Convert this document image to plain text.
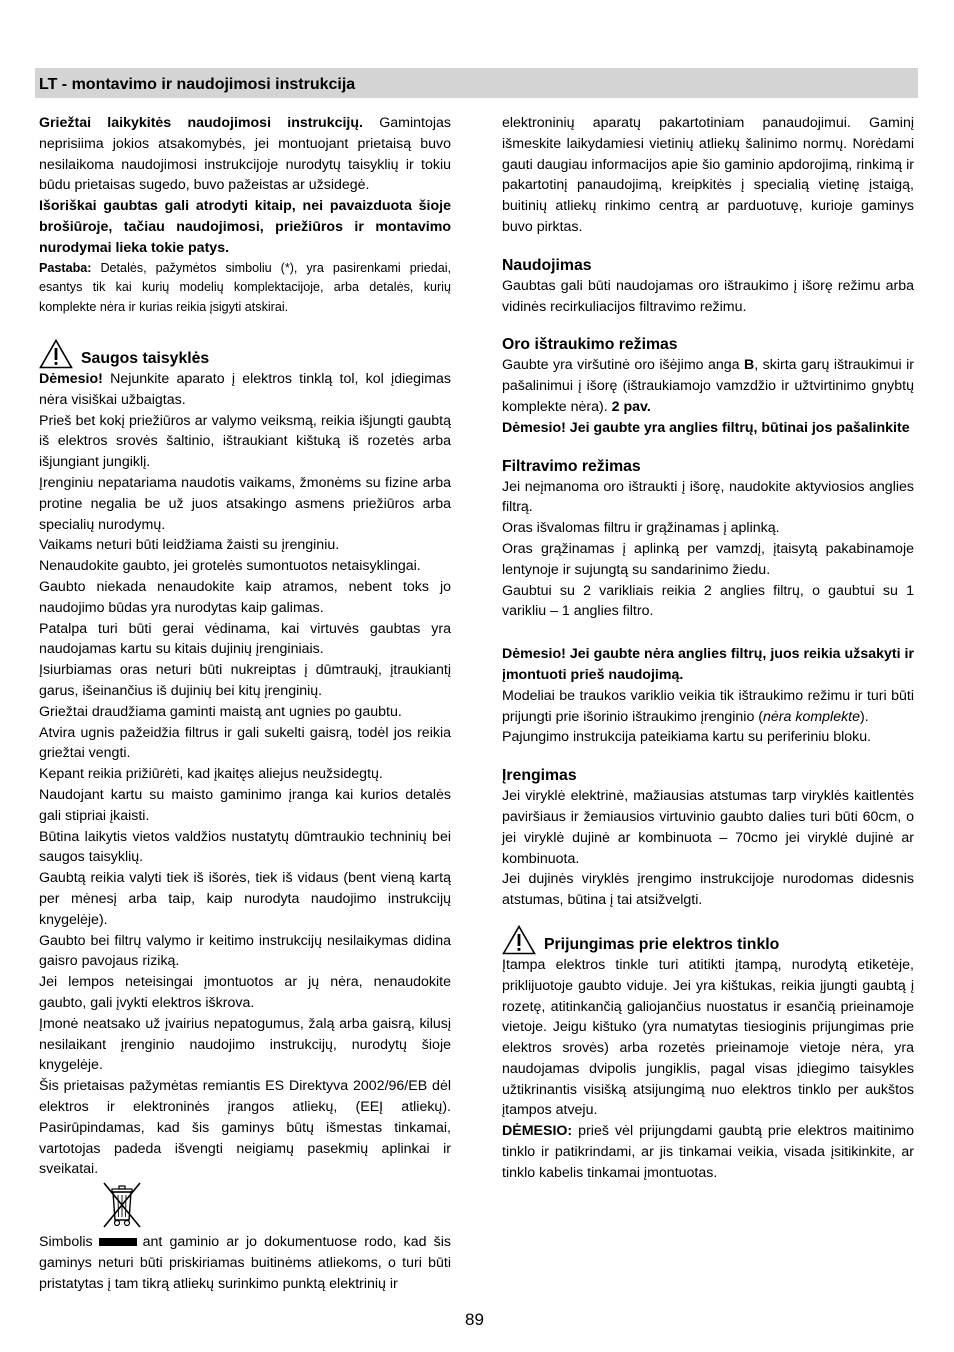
LT - montavimo ir naudojimosi instrukcija

Griežtai laikykitės naudojimosi instrukcijų. Gamintojas neprisiima jokios atsakomybės, jei montuojant prietaisą buvo nesilaikoma naudojimosi instrukcijoje nurodytų taisyklių ir tokiu būdu prietaisas sugedo, buvo pažeistas ar užsidegė.

Išoriškai gaubtas gali atrodyti kitaip, nei pavaizduota šioje brošiūroje, tačiau naudojimosi, priežiūros ir montavimo nurodymai lieka tokie patys.

Pastaba: Detalės, pažymėtos simboliu (*), yra pasirenkami priedai, esantys tik kai kurių modelių komplektacijoje, arba detalės, kurių komplekte nėra ir kurias reikia įsigyti atskirai.

Saugos taisyklės

Dėmesio! Nejunkite aparato į elektros tinklą tol, kol įdiegimas nėra visiškai užbaigtas.

Prieš bet kokį priežiūros ar valymo veiksmą, reikia išjungti gaubtą iš elektros srovės šaltinio, ištraukiant kištuką iš rozetės arba išjungiant jungiklį.

Įrenginiu nepatariama naudotis vaikams, žmonėms su fizine arba protine negalia be už juos atsakingo asmens priežiūros arba specialių nurodymų.

Vaikams neturi būti leidžiama žaisti su įrenginiu.

Nenaudokite gaubto, jei grotelės sumontuotos netaisyklingai.

Gaubto niekada nenaudokite kaip atramos, nebent toks jo naudojimo būdas yra nurodytas kaip galimas.

Patalpa turi būti gerai vėdinama, kai virtuvės gaubtas yra naudojamas kartu su kitais dujinių įrenginiais.

Įsiurbiamas oras neturi būti nukreiptas į dūmtraukį, įtraukiantį garus, išeinančius iš dujinių bei kitų įrenginių.

Griežtai draudžiama gaminti maistą ant ugnies po gaubtu.

Atvira ugnis pažeidžia filtrus ir gali sukelti gaisrą, todėl jos reikia griežtai vengti.

Kepant reikia prižiūrėti, kad įkaitęs aliejus neužsidegtų.

Naudojant kartu su maisto gaminimo įranga kai kurios detalės gali stipriai įkaisti.

Būtina laikytis vietos valdžios nustatytų dūmtraukio techninių bei saugos taisyklių.

Gaubtą reikia valyti tiek iš išorės, tiek iš vidaus (bent vieną kartą per mėnesį arba taip, kaip nurodyta naudojimo instrukcijų knygelėje).

Gaubto bei filtrų valymo ir keitimo instrukcijų nesilaikymas didina gaisro pavojaus riziką.

Jei lempos neteisingai įmontuotos ar jų nėra, nenaudokite gaubto, gali įvykti elektros iškrova.

Įmonė neatsako už įvairius nepatogumus, žalą arba gaisrą, kilusį nesilaikant įrenginio naudojimo instrukcijų, nurodytų šioje knygelėje.

Šis prietaisas pažymėtas remiantis ES Direktyva 2002/96/EB dėl elektros ir elektroninės įrangos atliekų, (EEĮ atliekų). Pasirūpindamas, kad šis gaminys būtų išmestas tinkamai, vartotojas padeda išvengti neigiamų pasekmių aplinkai ir sveikatai.

Simbolis	ant gaminio ar jo dokumentuose rodo, kad šis gaminys neturi būti priskiriamas buitinėms atliekoms, o turi būti pristatytas į tam tikrą atliekų surinkimo punktą elektrinių ir

elektroninių aparatų pakartotiniam panaudojimui. Gaminį išmeskite laikydamiesi vietinių atliekų šalinimo normų. Norėdami gauti daugiau informacijos apie šio gaminio apdorojimą, rinkimą ir pakartotinį panaudojimą, kreipkitės į specialią vietinę įstaigą, buitinių atliekų rinkimo centrą ar parduotuvę, kurioje gaminys buvo pirktas.

Naudojimas

Gaubtas gali būti naudojamas oro ištraukimo į išorę režimu arba vidinės recirkuliacijos filtravimo režimu.

Oro ištraukimo režimas

Gaubte yra viršutinė oro išėjimo anga B, skirta garų ištraukimui ir pašalinimui į išorę (ištraukiamojo vamzdžio ir užtvirtinimo gnybtų komplekte nėra). 2 pav.

Dėmesio! Jei gaubte yra anglies filtrų, būtinai jos pašalinkite

Filtravimo režimas

Jei neįmanoma oro ištraukti į išorę, naudokite aktyviosios anglies filtrą.

Oras išvalomas filtru ir grąžinamas į aplinką.

Oras grąžinamas į aplinką per vamzdį, įtaisytą pakabinamoje lentynoje ir sujungtą su sandarinimo žiedu.

Gaubtui su 2 varikliais reikia 2 anglies filtrų, o gaubtui su 1 varikliu – 1 anglies filtro.

Dėmesio! Jei gaubte nėra anglies filtrų, juos reikia užsakyti ir įmontuoti prieš naudojimą.

Modeliai be traukos variklio veikia tik ištraukimo režimu ir turi būti prijungti prie išorinio ištraukimo įrenginio (nėra komplekte).

Pajungimo instrukcija pateikiama kartu su periferiniu bloku.

Įrengimas

Jei viryklė elektrinė, mažiausias atstumas tarp viryklės kaitlentės paviršiaus ir žemiausios virtuvinio gaubto dalies turi būti 60cm, o jei viryklė dujinė ar kombinuota – 70cmo jei viryklė dujinė ar kombinuota.

Jei dujinės viryklės įrengimo instrukcijoje nurodomas didesnis atstumas, būtina į tai atsižvelgti.

Prijungimas prie elektros tinklo

Įtampa elektros tinkle turi atitikti įtampą, nurodytą etiketėje, priklijuotoje gaubto viduje. Jei yra kištukas, reikia įjungti gaubtą į rozetę, atitinkančią galiojančius nuostatus ir esančią prieinamoje vietoje. Jeigu kištuko (yra numatytas tiesioginis prijungimas prie elektros srovės) arba rozetės prieinamoje vietoje nėra, yra naudojamas dvipolis jungiklis, pagal visas įdiegimo taisykles užtikrinantis visišką atsijungimą nuo elektros tinklo per aukštos įtampos atveju.

DĖMESIO: prieš vėl prijungdami gaubtą prie elektros maitinimo tinklo ir patikrindami, ar jis tinkamai veikia, visada įsitikinkite, ar tinklo kabelis tinkamai įmontuotas.

89
